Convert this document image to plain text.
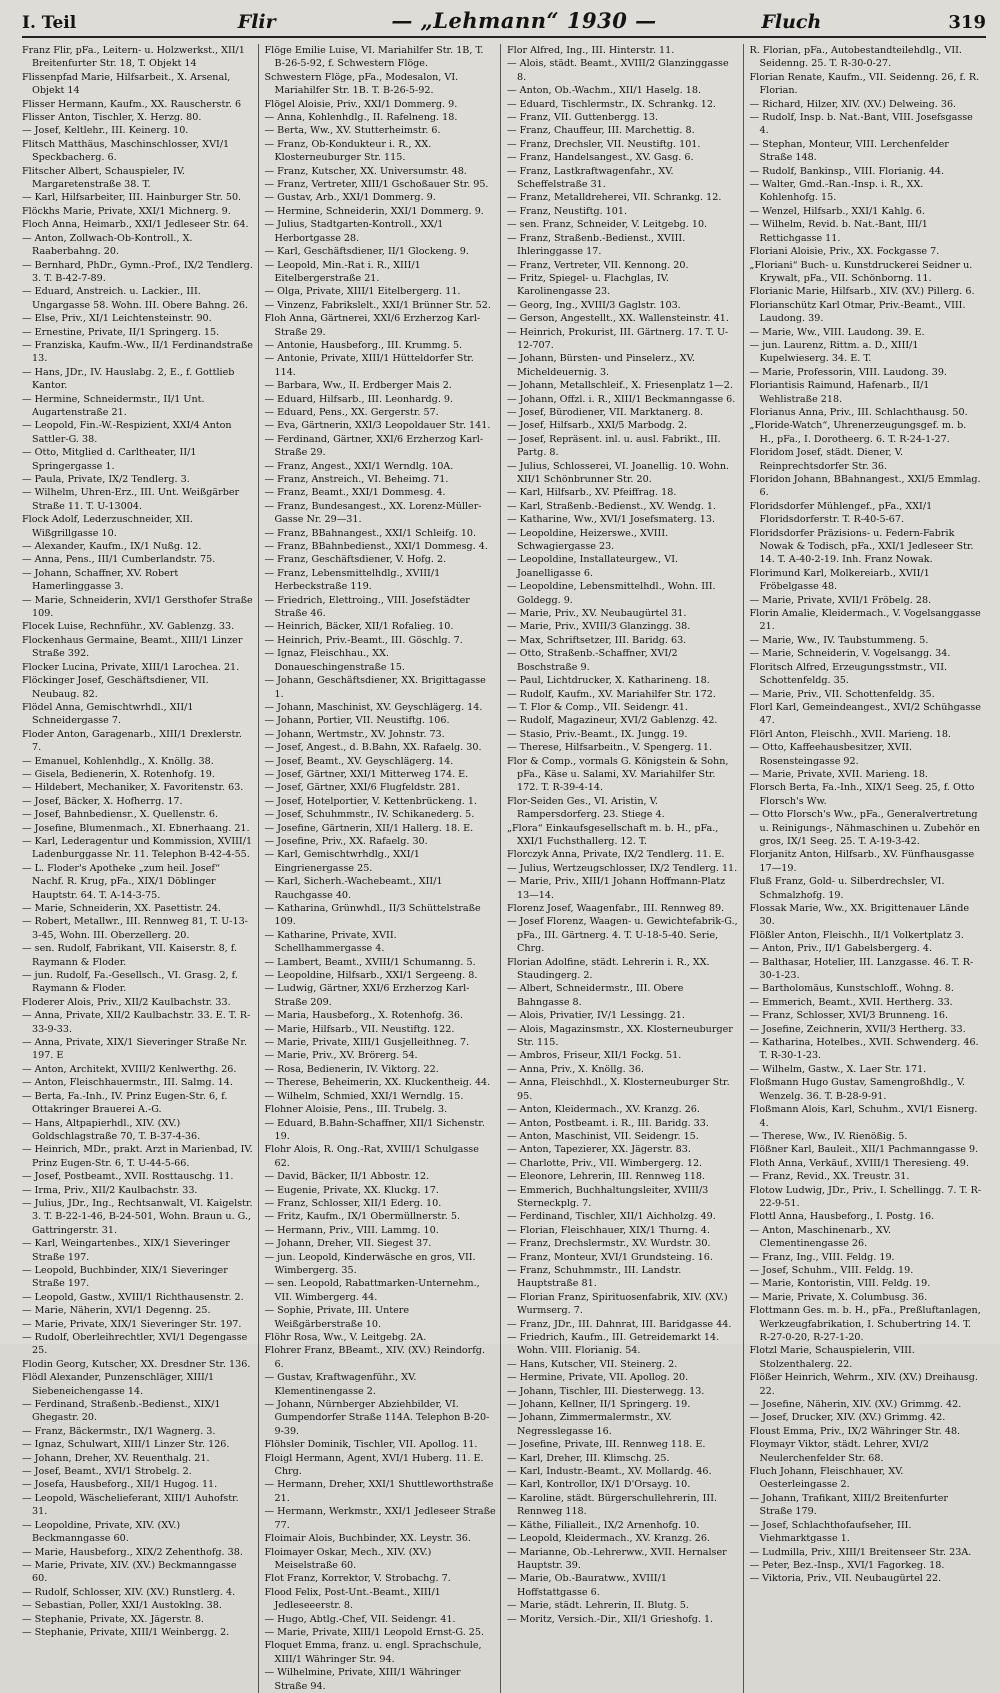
I. Teil	Flir	— „Lehmann“ 1930 —	Fluch	319

Franz Flir, pFa., Leitern- u. Holzwerkst., XII/1 Breitenfurter Str. 18, T. Objekt 14

Flissenpfad Marie, Hilfsarbeit., X. Arsenal, Objekt 14

Flisser Hermann, Kaufm., XX. Rauscherstr. 6

Flisser Anton, Tischler, X. Herzg. 80.

— Josef, Keltlehr., III. Keinerg. 10.

Flitsch Matthäus, Maschinschlosser, XVI/1 Speckbacherg. 6.

Flitscher Albert, Schauspieler, IV. Margaretenstraße 38. T.

— Karl, Hilfsarbeiter, III. Hainburger Str. 50.

Flöckhs Marie, Private, XXI/1 Michnerg. 9.

Floch Anna, Heimarb., XXI/1 Jedleseer Str. 64.

— Anton, Zollwach-Ob-Kontroll., X. Raaberbahng. 20.

— Bernhard, PhDr., Gymn.-Prof., IX/2 Tendlerg. 3. T. B-42-7-89.

— Eduard, Anstreich. u. Lackier., III. Ungargasse 58. Wohn. III. Obere Bahng. 26.

— Else, Priv., XI/1 Leichtensteinstr. 90.

— Ernestine, Private, II/1 Springerg. 15.

— Franziska, Kaufm.-Ww., II/1 Ferdinandstraße 13.

— Hans, JDr., IV. Hauslabg. 2, E., f. Gottlieb Kantor.

— Hermine, Schneidermstr., II/1 Unt. Augartenstraße 21.

— Leopold, Fin.-W.-Respizient, XXI/4 Anton Sattler-G. 38.

— Otto, Mitglied d. Carltheater, II/1 Springergasse 1.

— Paula, Private, IX/2 Tendlerg. 3.

— Wilhelm, Uhren-Erz., III. Unt. Weißgärber Straße 11. T. U-13004.

Flock Adolf, Lederzuschneider, XII. Wißgrillgasse 10.

— Alexander, Kaufm., IX/1 Nußg. 12.

— Anna, Pens., III/1 Cumberlandstr. 75.

— Johann, Schaffner, XV. Robert Hamerlinggasse 3.

— Marie, Schneiderin, XVI/1 Gersthofer Straße 109.

Flocek Luise, Rechnführ., XV. Gablenzg. 33.

Flockenhaus Germaine, Beamt., XIII/1 Linzer Straße 392.

Flocker Lucina, Private, XIII/1 Larochea. 21.

Flöckinger Josef, Geschäftsdiener, VII. Neubaug. 82.

Flödel Anna, Gemischtwrhdl., XII/1 Schneidergasse 7.

Floder Anton, Garagenarb., XIII/1 Drexlerstr. 7.

— Emanuel, Kohlenhdlg., X. Knöllg. 38.

— Gisela, Bedienerin, X. Rotenhofg. 19.

— Hildebert, Mechaniker, X. Favoritenstr. 63.

— Josef, Bäcker, X. Hofherrg. 17.

— Josef, Bahnbediensr., X. Quellenstr. 6.

— Josefine, Blumenmach., XI. Ebnerhaang. 21.

— Karl, Lederagentur und Kommission, XVIII/1 Ladenburggasse Nr. 11. Telephon B-42-4-55.

— L. Floder's Apotheke „zum heil. Josef“ Nachf. R. Krug, pFa., XIX/1 Döblinger Hauptstr. 64. T. A-14-3-75.

— Marie, Schneiderin, XX. Pasettistr. 24.

— Robert, Metallwr., III. Rennweg 81, T. U-13-3-45, Wohn. III. Oberzellerg. 20.

— sen. Rudolf, Fabrikant, VII. Kaiserstr. 8, f. Raymann & Floder.

— jun. Rudolf, Fa.-Gesellsch., VI. Grasg. 2, f. Raymann & Floder.

Floderer Alois, Priv., XII/2 Kaulbachstr. 33.

— Anna, Private, XII/2 Kaulbachstr. 33. E. T. R-33-9-33.

— Anna, Private, XIX/1 Sieveringer Straße Nr. 197. E

— Anton, Architekt, XVIII/2 Kenlwerthg. 26.

— Anton, Fleischhauermstr., III. Salmg. 14.

— Berta, Fa.-Inh., IV. Prinz Eugen-Str. 6, f. Ottakringer Brauerei A.-G.

— Hans, Altpapierhdl., XIV. (XV.) Goldschlagstraße 70, T. B-37-4-36.

— Heinrich, MDr., prakt. Arzt in Marienbad, IV. Prinz Eugen-Str. 6, T. U-44-5-66.

— Josef, Postbeamt., XVII. Rosttauschg. 11.

— Irma, Priv., XII/2 Kaulbachstr. 33.

— Julius, JDr., Ing., Rechtsanwalt, VI. Kaigelstr. 3. T. B-22-1-46, B-24-501, Wohn. Braun u. G., Gattringerstr. 31.

— Karl, Weingartenbes., XIX/1 Sieveringer Straße 197.

— Leopold, Buchbinder, XIX/1 Sieveringer Straße 197.

— Leopold, Gastw., XVIII/1 Richthausenstr. 2.

— Marie, Näherin, XVI/1 Degenng. 25.

— Marie, Private, XIX/1 Sieveringer Str. 197.

— Rudolf, Oberleihrechtler, XVI/1 Degengasse 25.

Flodin Georg, Kutscher, XX. Dresdner Str. 136.

Flödl Alexander, Punzenschläger, XIII/1 Siebeneichengasse 14.

— Ferdinand, Straßenb.-Bedienst., XIX/1 Ghegastr. 20.

— Franz, Bäckermstr., IX/1 Wagnerg. 3.

— Ignaz, Schulwart, XIII/1 Linzer Str. 126.

— Johann, Dreher, XV. Reuenthalg. 21.

— Josef, Beamt., XVI/1 Strobelg. 2.

— Josefa, Hausbeforg., XII/1 Hugog. 11.

— Leopold, Wäschelieferant, XIII/1 Auhofstr. 31.

— Leopoldine, Private, XIV. (XV.) Beckmanngasse 60.

— Marie, Hausbeforg., XIX/2 Zehenthofg. 38.

— Marie, Private, XIV. (XV.) Beckmanngasse 60.

— Rudolf, Schlosser, XIV. (XV.) Runstlerg. 4.

— Sebastian, Poller, XXI/1 Austoklng. 38.

— Stephanie, Private, XX. Jägerstr. 8.

— Stephanie, Private, XIII/1 Weinbergg. 2.

Flöge Emilie Luise, VI. Mariahilfer Str. 1B, T. B-26-5-92, f. Schwestern Flöge.

Schwestern Flöge, pFa., Modesalon, VI. Mariahilfer Str. 1B. T. B-26-5-92.

Flögel Aloisie, Priv., XXI/1 Dommerg. 9.

— Anna, Kohlenhdlg., II. Rafelneng. 18.

— Berta, Ww., XV. Stutterheimstr. 6.

— Franz, Ob-Kondukteur i. R., XX. Klosterneuburger Str. 115.

— Franz, Kutscher, XX. Universumstr. 48.

— Franz, Vertreter, XIII/1 Gschoßauer Str. 95.

— Gustav, Arb., XXI/1 Dommerg. 9.

— Hermine, Schneiderin, XXI/1 Dommerg. 9.

— Julius, Stadtgarten-Kontroll., XX/1 Herbortgasse 28.

— Karl, Geschäftsdiener, II/1 Glockeng. 9.

— Leopold, Min.-Rat i. R., XIII/1 Eitelbergerstraße 21.

— Olga, Private, XIII/1 Eitelbergerg. 11.

— Vinzenz, Fabrikslelt., XXI/1 Brünner Str. 52.

Floh Anna, Gärtnerei, XXI/6 Erzherzog Karl-Straße 29.

— Antonie, Hausbeforg., III. Krummg. 5.

— Antonie, Private, XIII/1 Hütteldorfer Str. 114.

— Barbara, Ww., II. Erdberger Mais 2.

— Eduard, Hilfsarb., III. Leonhardg. 9.

— Eduard, Pens., XX. Gergerstr. 57.

— Eva, Gärtnerin, XXI/3 Leopoldauer Str. 141.

— Ferdinand, Gärtner, XXI/6 Erzherzog Karl-Straße 29.

— Franz, Angest., XXI/1 Werndlg. 10A.

— Franz, Anstreich., VI. Beheimg. 71.

— Franz, Beamt., XXI/1 Dommesg. 4.

— Franz, Bundesangest., XX. Lorenz-Müller-Gasse Nr. 29—31.

— Franz, BBahnangest., XXI/1 Schleifg. 10.

— Franz, BBahnbedienst., XXI/1 Dommesg. 4.

— Franz, Geschäftsdiener, V. Hofg. 2.

— Franz, Lebensmittelhdlg., XVIII/1 Herbeckstraße 119.

— Friedrich, Elettroing., VIII. Josefstädter Straße 46.

— Heinrich, Bäcker, XII/1 Rofalieg. 10.

— Heinrich, Priv.-Beamt., III. Göschlg. 7.

— Ignaz, Fleischhau., XX. Donaueschingenstraße 15.

— Johann, Geschäftsdiener, XX. Brigittagasse 1.

— Johann, Maschinist, XV. Geyschlägerg. 14.

— Johann, Portier, VII. Neustiftg. 106.

— Johann, Wertmstr., XV. Johnstr. 73.

— Josef, Angest., d. B.Bahn, XX. Rafaelg. 30.

— Josef, Beamt., XV. Geyschlägerg. 14.

— Josef, Gärtner, XXI/1 Mitterweg 174. E.

— Josef, Gärtner, XXI/6 Flugfeldstr. 281.

— Josef, Hotelportier, V. Kettenbrückeng. 1.

— Josef, Schuhmmstr., IV. Schikanederg. 5.

— Josefine, Gärtnerin, XII/1 Hallerg. 18. E.

— Josefine, Priv., XX. Rafaelg. 30.

— Karl, Gemischtwrhdlg., XXI/1 Eingrienergasse 25.

— Karl, Sicherh.-Wachebeamt., XII/1 Rauchgasse 40.

— Katharina, Grünwhdl., II/3 Schüttelstraße 109.

— Katharine, Private, XVII. Schellhammergasse 4.

— Lambert, Beamt., XVIII/1 Schumanng. 5.

— Leopoldine, Hilfsarb., XXI/1 Sergeeng. 8.

— Ludwig, Gärtner, XXI/6 Erzherzog Karl-Straße 209.

— Maria, Hausbeforg., X. Rotenhofg. 36.

— Marie, Hilfsarb., VII. Neustiftg. 122.

— Marie, Private, XIII/1 Gusjelleithneg. 7.

— Marie, Priv., XV. Brörerg. 54.

— Rosa, Bedienerin, IV. Viktorg. 22.

— Therese, Beheimerin, XX. Kluckentheig. 44.

— Wilhelm, Schmied, XXI/1 Werndlg. 15.

Flohner Aloisie, Pens., III. Trubelg. 3.

— Eduard, B.Bahn-Schaffner, XII/1 Sichenstr. 19.

Flohr Alois, R. Ong.-Rat, XVIII/1 Schulgasse 62.

— David, Bäcker, II/1 Abbostr. 12.

— Eugenie, Private, XX. Kluckg. 17.

— Franz, Schlosser, XII/1 Ederg. 10.

— Fritz, Kaufm., IX/1 Obermüllnerstr. 5.

— Hermann, Priv., VIII. Lammg. 10.

— Johann, Dreher, VII. Siegest 37.

— jun. Leopold, Kinderwäsche en gros, VII. Wimbergerg. 35.

— sen. Leopold, Rabattmarken-Unternehm., VII. Wimbergerg. 44.

— Sophie, Private, III. Untere Weißgärberstraße 10.

Flöhr Rosa, Ww., V. Leitgebg. 2A.

Flohrer Franz, BBeamt., XIV. (XV.) Reindorfg. 6.

— Gustav, Kraftwagenführ., XV. Klementinengasse 2.

— Johann, Nürnberger Abziehbilder, VI. Gumpendorfer Straße 114A. Telephon B-20-9-39.

Flöhsler Dominik, Tischler, VII. Apollog. 11.

Floigl Hermann, Agent, XVI/1 Huberg. 11. E. Chrg.

— Hermann, Dreher, XXI/1 Shuttleworthstraße 21.

— Hermann, Werkmstr., XXI/1 Jedleseer Straße 77.

Floimair Alois, Buchbinder, XX. Leystr. 36.

Floimayer Oskar, Mech., XIV. (XV.) Meiselstraße 60.

Flot Franz, Korrektor, V. Strobachg. 7.

Flood Felix, Post-Unt.-Beamt., XIII/1 Jedleseeerstr. 8.

— Hugo, Abtlg.-Chef, VII. Seidengr. 41.

— Marie, Private, XIII/1 Leopold Ernst-G. 25.

Floquet Emma, franz. u. engl. Sprachschule, XIII/1 Währinger Str. 94.

— Wilhelmine, Private, XIII/1 Währinger Straße 94.

Flor Alfred, Ing., III. Hinterstr. 11.

— Alois, städt. Beamt., XVIII/2 Glanzinggasse 8.

— Anton, Ob.-Wachm., XII/1 Haselg. 18.

— Eduard, Tischlermstr., IX. Schrankg. 12.

— Franz, VII. Guttenbergg. 13.

— Franz, Chauffeur, III. Marchettig. 8.

— Franz, Drechsler, VII. Neustiftg. 101.

— Franz, Handelsangest., XV. Gasg. 6.

— Franz, Lastkraftwagenfahr., XV. Scheffelstraße 31.

— Franz, Metalldreherei, VII. Schrankg. 12.

— Franz, Neustiftg. 101.

— sen. Franz, Schneider, V. Leitgebg. 10.

— Franz, Straßenb.-Bedienst., XVIII. Ihleringgasse 17.

— Franz, Vertreter, VII. Kennong. 20.

— Fritz, Spiegel- u. Flachglas, IV. Karolinengasse 23.

— Georg, Ing., XVIII/3 Gaglstr. 103.

— Gerson, Angestellt., XX. Wallensteinstr. 41.

— Heinrich, Prokurist, III. Gärtnerg. 17. T. U-12-707.

— Johann, Bürsten- und Pinselerz., XV. Micheldeuernig. 3.

— Johann, Metallschleif., X. Friesenplatz 1—2.

— Johann, Offzl. i. R., XIII/1 Beckmanngasse 6.

— Josef, Bürodiener, VII. Marktanerg. 8.

— Josef, Hilfsarb., XXI/5 Marbodg. 2.

— Josef, Repräsent. inl. u. ausl. Fabrikt., III. Partg. 8.

— Julius, Schlosserei, VI. Joanellig. 10. Wohn. XII/1 Schönbrunner Str. 20.

— Karl, Hilfsarb., XV. Pfeiffrag. 18.

— Karl, Straßenb.-Bedienst., XV. Wendg. 1.

— Katharine, Ww., XVI/1 Josefsmaterg. 13.

— Leopoldine, Heizerswe., XVIII. Schwagiergasse 23.

— Leopoldine, Installateurgew., VI. Joanelligasse 6.

— Leopoldine, Lebensmittelhdl., Wohn. III. Goldegg. 9.

— Marie, Priv., XV. Neubaugürtel 31.

— Marie, Priv., XVIII/3 Glanzingg. 38.

— Max, Schriftsetzer, III. Baridg. 63.

— Otto, Straßenb.-Schaffner, XVI/2 Boschstraße 9.

— Paul, Lichtdrucker, X. Katharineng. 18.

— Rudolf, Kaufm., XV. Mariahilfer Str. 172.

— T. Flor & Comp., VII. Seidengr. 41.

— Rudolf, Magazineur, XVI/2 Gablenzg. 42.

— Stasio, Priv.-Beamt., IX. Jungg. 19.

— Therese, Hilfsarbeitn., V. Spengerg. 11.

Flor & Comp., vormals G. Königstein & Sohn, pFa., Käse u. Salami, XV. Mariahilfer Str. 172. T. R-39-4-14.

Flor-Seiden Ges., VI. Aristin, V. Rampersdorferg. 23. Stiege 4.

„Flora“ Einkaufsgesellschaft m. b. H., pFa., XXI/1 Fuchsthallerg. 12. T.

Florczyk Anna, Private, IX/2 Tendlerg. 11. E.

— Julius, Wertzeugschlosser, IX/2 Tendlerg. 11.

— Marie, Priv., XIII/1 Johann Hoffmann-Platz 13—14.

Florenz Josef, Waagenfabr., III. Rennweg 89.

— Josef Florenz, Waagen- u. Gewichtefabrik-G., pFa., III. Gärtnerg. 4. T. U-18-5-40. Serie, Chrg.

Florian Adolfine, städt. Lehrerin i. R., XX. Staudingerg. 2.

— Albert, Schneidermstr., III. Obere Bahngasse 8.

— Alois, Privatier, IV/1 Lessingg. 21.

— Alois, Magazinsmstr., XX. Klosterneuburger Str. 115.

— Ambros, Friseur, XII/1 Fockg. 51.

— Anna, Priv., X. Knöllg. 36.

— Anna, Fleischhdl., X. Klosterneuburger Str. 95.

— Anton, Kleidermach., XV. Kranzg. 26.

— Anton, Postbeamt. i. R., III. Baridg. 33.

— Anton, Maschinist, VII. Seidengr. 15.

— Anton, Tapezierer, XX. Jägerstr. 83.

— Charlotte, Priv., VII. Wimbergerg. 12.

— Eleonore, Lehrerin, III. Rennweg 118.

— Emmerich, Buchhaltungsleiter, XVIII/3 Sterneckplg. 7.

— Ferdinand, Tischler, XII/1 Aichholzg. 49.

— Florian, Fleischhauer, XIX/1 Thurng. 4.

— Franz, Drechslermstr., XV. Wurdstr. 30.

— Franz, Monteur, XVI/1 Grundsteing. 16.

— Franz, Schuhmmstr., III. Landstr. Hauptstraße 81.

— Florian Franz, Spirituosenfabrik, XIV. (XV.) Wurmserg. 7.

— Franz, JDr., III. Dahnrat, III. Baridgasse 44.

— Friedrich, Kaufm., III. Getreidemarkt 14. Wohn. VIII. Florianig. 54.

— Hans, Kutscher, VII. Steinerg. 2.

— Hermine, Private, VII. Apollog. 20.

— Johann, Tischler, III. Diesterwegg. 13.

— Johann, Kellner, II/1 Springerg. 19.

— Johann, Zimmermalermstr., XV. Negresslegasse 16.

— Josefine, Private, III. Rennweg 118. E.

— Karl, Dreher, III. Klimschg. 25.

— Karl, Industr.-Beamt., XV. Mollardg. 46.

— Karl, Kontrollor, IX/1 D'Orsayg. 10.

— Karoline, städt. Bürgerschullehrerin, III. Rennweg 118.

— Käthe, Filialleit., IX/2 Arnenhofg. 10.

— Leopold, Kleidermach., XV. Kranzg. 26.

— Marianne, Ob.-Lehrerww., XVII. Hernalser Hauptstr. 39.

— Marie, Ob.-Bauratww., XVIII/1 Hoffstattgasse 6.

— Marie, städt. Lehrerin, II. Blutg. 5.

— Moritz, Versich.-Dir., XII/1 Grieshofg. 1.

R. Florian, pFa., Autobestandteilehdlg., VII. Seidenng. 25. T. R-30-0-27.

Florian Renate, Kaufm., VII. Seidenng. 26, f. R. Florian.

— Richard, Hilzer, XIV. (XV.) Delweing. 36.

— Rudolf, Insp. b. Nat.-Bant, VIII. Josefsgasse 4.

— Stephan, Monteur, VIII. Lerchenfelder Straße 148.

— Rudolf, Bankinsp., VIII. Florianig. 44.

— Walter, Gmd.-Ran.-Insp. i. R., XX. Kohlenhofg. 15.

— Wenzel, Hilfsarb., XXI/1 Kahlg. 6.

— Wilhelm, Revid. b. Nat.-Bant, III/1 Rettichgasse 11.

Floriani Aloisie, Priv., XX. Fockgasse 7.

„Floriani“ Buch- u. Kunstdruckerei Seidner u. Krywalt, pFa., VII. Schönborng. 11.

Florianic Marie, Hilfsarb., XIV. (XV.) Pillerg. 6.

Florianschütz Karl Otmar, Priv.-Beamt., VIII. Laudong. 39.

— Marie, Ww., VIII. Laudong. 39. E.

— jun. Laurenz, Rittm. a. D., XIII/1 Kupelwieserg. 34. E. T.

— Marie, Professorin, VIII. Laudong. 39.

Floriantisis Raimund, Hafenarb., II/1 Wehlistraße 218.

Florianus Anna, Priv., III. Schlachthausg. 50.

„Floride-Watch“, Uhrenerzeugungsgef. m. b. H., pFa., I. Dorotheerg. 6. T. R-24-1-27.

Floridom Josef, städt. Diener, V. Reinprechtsdorfer Str. 36.

Floridon Johann, BBahnangest., XXI/5 Emmlag. 6.

Floridsdorfer Mühlengef., pFa., XXI/1 Floridsdorferstr. T. R-40-5-67.

Floridsdorfer Präzisions- u. Federn-Fabrik Nowak & Todisch, pFa., XXI/1 Jedleseer Str. 14. T. A-40-2-19. Inh. Franz Nowak.

Florimund Karl, Molkereiarb., XVII/1 Fröbelgasse 48.

— Marie, Private, XVII/1 Fröbelg. 28.

Florin Amalie, Kleidermach., V. Vogelsanggasse 21.

— Marie, Ww., IV. Taubstummeng. 5.

— Marie, Schneiderin, V. Vogelsangg. 34.

Floritsch Alfred, Erzeugungsstmstr., VII. Schottenfeldg. 35.

— Marie, Priv., VII. Schottenfeldg. 35.

Florl Karl, Gemeindeangest., XVI/2 Schühgasse 47.

Flörl Anton, Fleischh., XVII. Marieng. 18.

— Otto, Kaffeehausbesitzer, XVII. Rosensteingasse 92.

— Marie, Private, XVII. Marieng. 18.

Florsch Berta, Fa.-Inh., XIX/1 Seeg. 25, f. Otto Florsch's Ww.

— Otto Florsch's Ww., pFa., Generalvertretung u. Reinigungs-, Nähmaschinen u. Zubehör en gros, IX/1 Seeg. 25. T. A-19-3-42.

Florjanitz Anton, Hilfsarb., XV. Fünfhausgasse 17—19.

Fluß Franz, Gold- u. Silberdrechsler, VI. Schmalzhofg. 19.

Flossak Marie, Ww., XX. Brigittenauer Lände 30.

Flößler Anton, Fleischh., II/1 Volkertplatz 3.

— Anton, Priv., II/1 Gabelsbergerg. 4.

— Balthasar, Hotelier, III. Lanzgasse. 46. T. R-30-1-23.

— Bartholomäus, Kunstschloff., Wohng. 8.

— Emmerich, Beamt., XVII. Hertherg. 33.

— Franz, Schlosser, XVI/3 Brunneng. 16.

— Josefine, Zeichnerin, XVII/3 Hertherg. 33.

— Katharina, Hotelbes., XVII. Schwenderg. 46. T. R-30-1-23.

— Wilhelm, Gastw., X. Laer Str. 171.

Floßmann Hugo Gustav, Samengroßhdlg., V. Wenzelg. 36. T. B-28-9-91.

Floßmann Alois, Karl, Schuhm., XVI/1 Eisnerg. 4.

— Therese, Ww., IV. Rienößig. 5.

Flößner Karl, Bauleit., XII/1 Pachmanngasse 9.

Floth Anna, Verkäuf., XVIII/1 Theresieng. 49.

— Franz, Revid., XX. Treustr. 31.

Flotow Ludwig, JDr., Priv., I. Schellingg. 7. T. R-22-9-51.

Flottl Anna, Hausbeforg., I. Postg. 16.

— Anton, Maschinenarb., XV. Clementinengasse 26.

— Franz, Ing., VIII. Feldg. 19.

— Josef, Schuhm., VIII. Feldg. 19.

— Marie, Kontoristin, VIII. Feldg. 19.

— Marie, Private, X. Columbusg. 36.

Flottmann Ges. m. b. H., pFa., Preßluftanlagen, Werkzeugfabrikation, I. Schubertring 14. T. R-27-0-20, R-27-1-20.

Flotzl Marie, Schauspielerin, VIII. Stolzenthalerg. 22.

Flößer Heinrich, Wehrm., XIV. (XV.) Dreihausg. 22.

— Josefine, Näherin, XIV. (XV.) Grimmg. 42.

— Josef, Drucker, XIV. (XV.) Grimmg. 42.

Floust Emma, Priv., IX/2 Währinger Str. 48.

Floymayr Viktor, städt. Lehrer, XVI/2 Neulerchenfelder Str. 68.

Fluch Johann, Fleischhauer, XV. Oesterleingasse 2.

— Johann, Trafikant, XIII/2 Breitenfurter Straße 179.

— Josef, Schlachthofaufseher, III. Viehmarktgasse 1.

— Ludmilla, Priv., XIII/1 Breitenseer Str. 23A.

— Peter, Bez.-Insp., XVI/1 Fagorkeg. 18.

— Viktoria, Priv., VII. Neubaugürtel 22.
